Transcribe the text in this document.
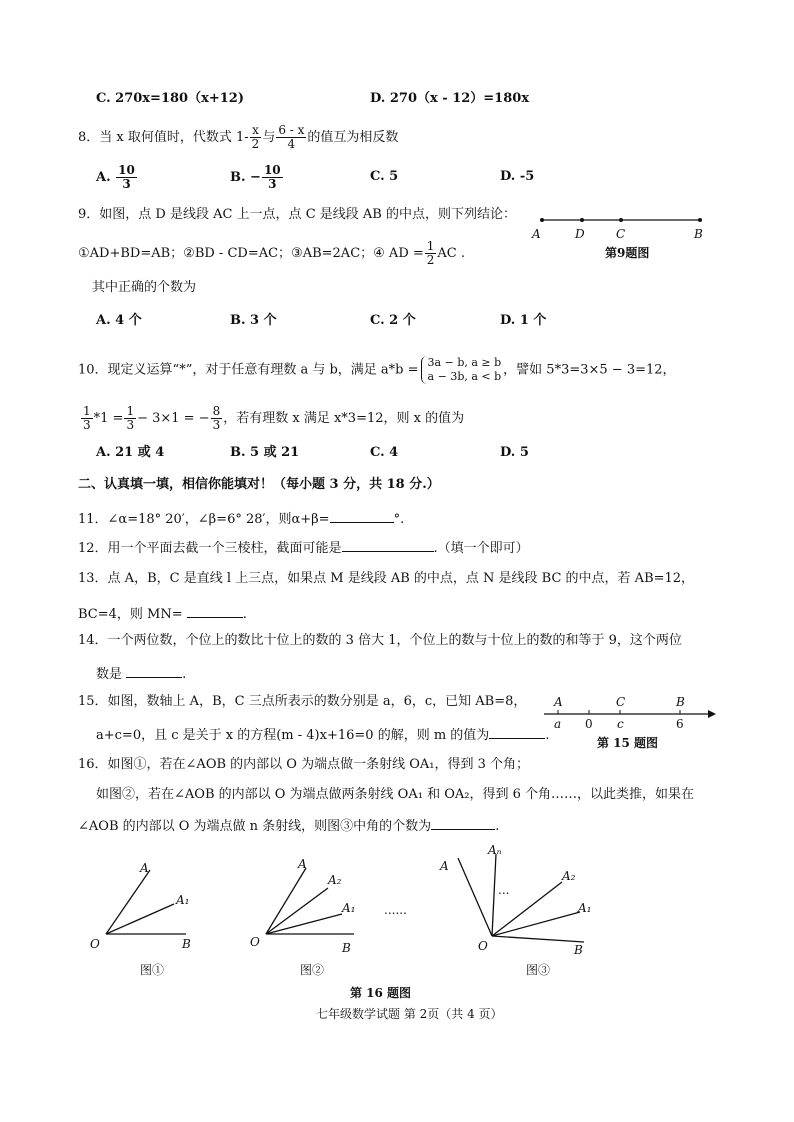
C. 270x=180（x+12)	D. 270（x - 12）=180x
8．当 x 取何值时，代数式 $1- \frac{x}{2}$ 与 $\frac{6 - x}{4}$ 的值互为相反数
A. $\frac{10}{3}$	B. − $\frac{10}{3}$	C. 5	D. -5
9．如图，点 D 是线段 AC 上一点，点 C 是线段 AB 的中点，则下列结论：
①AD+BD=AB；②BD - CD=AC；③AB=2AC；④ AD = $\frac{1}{2}$ AC .
A	D	C	B
第9题图
其中正确的个数为
A. 4 个	B. 3 个	C. 2 个	D. 1 个
10．现定义运算“*”，对于任意有理数 a 与 b，满足 a*b = 3a − b, a ≥ b
a − 3b, a < b ，譬如 5*3=3×5 − 3=12，
$\frac{1}{3} *1 = \frac{1}{3} - 3\times 1$ = − $\frac{8}{3}$ ，若有理数 x 满足 x*3=12，则 x 的值为
A. 21 或 4	B. 5 或 21	C. 4	D. 5
二、认真填一填，相信你能填对！（每小题 3 分，共 18 分.）
11．∠α=18° 20′，∠β=6° 28′，则α+β=	°.
12．用一个平面去截一个三棱柱，截面可能是	.（填一个即可）
13．点 A，B，C 是直线 l 上三点，如果点 M 是线段 AB 的中点，点 N 是线段 BC 的中点，若 AB=12，
BC=4，则 MN=	.
14．一个两位数，个位上的数比十位上的数的 3 倍大 1，个位上的数与十位上的数的和等于 9，这个两位
数是	.
15．如图，数轴上 A，B，C 三点所表示的数分别是 a，6，c，已知 AB=8，
a+c=0，且 c 是关于 x 的方程(m - 4)x+16=0 的解，则 m 的值为	.
A	C	B
a 0 c	6
第 15 题图
16．如图①，若在∠AOB 的内部以 O 为端点做一条射线 OA₁，得到 3 个角；
如图②，若在∠AOB 的内部以 O 为端点做两条射线 OA₁ 和 OA₂，得到 6 个角……，以此类推，如果在
∠AOB 的内部以 O 为端点做 n 条射线，则图③中角的个数为	.
A
A₁
O	B
图①
A
A₂
A₁
O	B
图②
......
A
Aₙ
...
A₂
A₁
O	B
图③
第 16 题图
七年级数学试题 第 2页（共 4 页）
